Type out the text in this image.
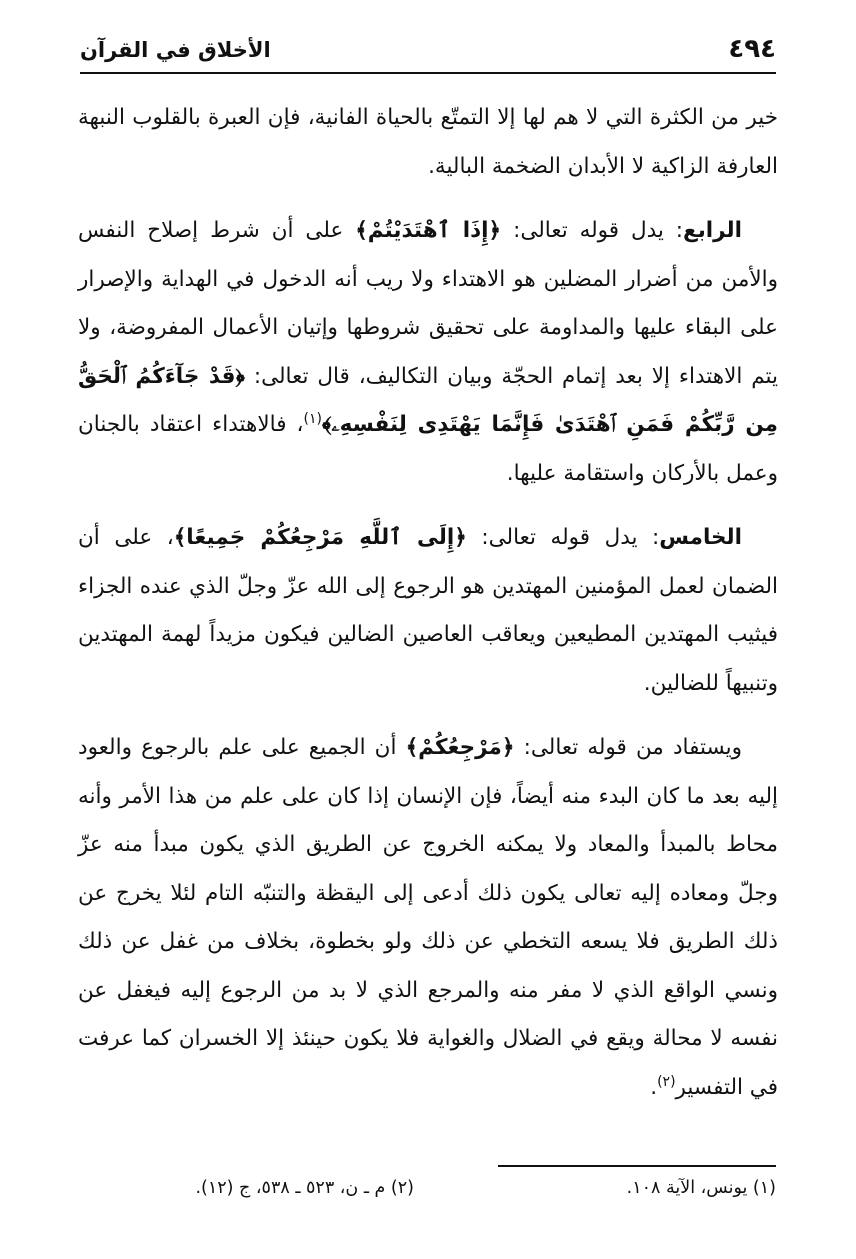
٤٩٤
الأخلاق في القرآن

خير من الكثرة التي لا هم لها إلا التمتّع بالحياة الفانية، فإن العبرة بالقلوب النبهة العارفة الزاكية لا الأبدان الضخمة البالية.

الرابع: يدل قوله تعالى: ﴿إِذَا ٱهْتَدَيْتُمْ﴾ على أن شرط إصلاح النفس والأمن من أضرار المضلين هو الاهتداء ولا ريب أنه الدخول في الهداية والإصرار على البقاء عليها والمداومة على تحقيق شروطها وإتيان الأعمال المفروضة، ولا يتم الاهتداء إلا بعد إتمام الحجّة وبيان التكاليف، قال تعالى: ﴿قَدْ جَآءَكُمُ ٱلْحَقُّ مِن رَّبِّكُمْ فَمَنِ ٱهْتَدَىٰ فَإِنَّمَا يَهْتَدِى لِنَفْسِهِۦ﴾$^{(١)}$، فالاهتداء اعتقاد بالجنان وعمل بالأركان واستقامة عليها.

الخامس: يدل قوله تعالى: ﴿إِلَى ٱللَّهِ مَرْجِعُكُمْ جَمِيعًا﴾، على أن الضمان لعمل المؤمنين المهتدين هو الرجوع إلى الله عزّ وجلّ الذي عنده الجزاء فيثيب المهتدين المطيعين ويعاقب العاصين الضالين فيكون مزيداً لهمة المهتدين وتنبيهاً للضالين.

ويستفاد من قوله تعالى: ﴿مَرْجِعُكُمْ﴾ أن الجميع على علم بالرجوع والعود إليه بعد ما كان البدء منه أيضاً، فإن الإنسان إذا كان على علم من هذا الأمر وأنه محاط بالمبدأ والمعاد ولا يمكنه الخروج عن الطريق الذي يكون مبدأ منه عزّ وجلّ ومعاده إليه تعالى يكون ذلك أدعى إلى اليقظة والتنبّه التام لئلا يخرج عن ذلك الطريق فلا يسعه التخطي عن ذلك ولو بخطوة، بخلاف من غفل عن ذلك ونسي الواقع الذي لا مفر منه والمرجع الذي لا بد من الرجوع إليه فيغفل عن نفسه لا محالة ويقع في الضلال والغواية فلا يكون حينئذ إلا الخسران كما عرفت في التفسير$^{(٢)}$.

(١) يونس، الآية ١٠٨.
(٢) م ـ ن، ٥٢٣ ـ ٥٣٨، ج (١٢).
